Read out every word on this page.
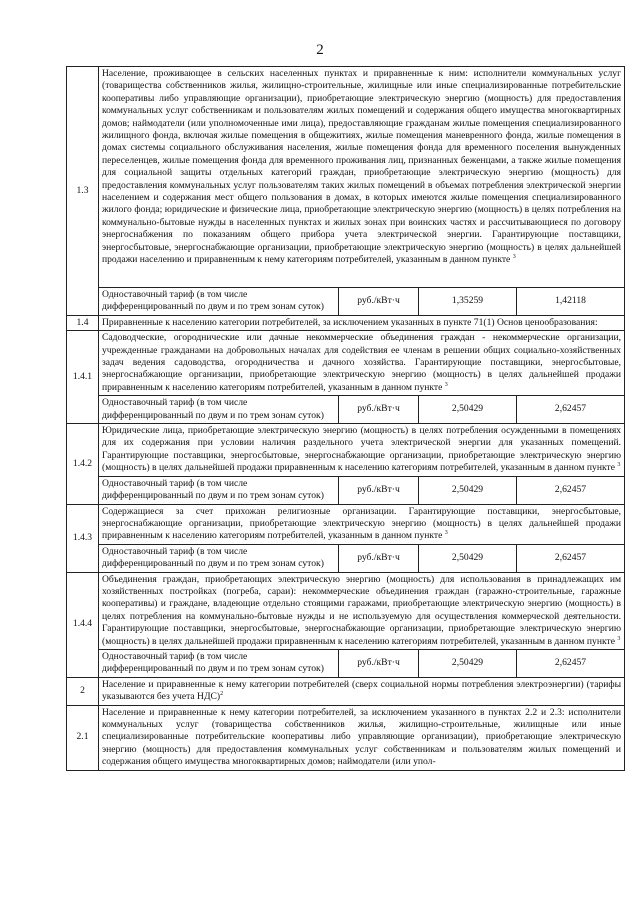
2
1.3	Население, проживающее в сельских населенных пунктах и приравненные к ним: исполнители коммунальных услуг (товарищества собственников жилья, жилищно-строительные, жилищные или иные специализированные потребительские кооперативы либо управляющие организации), приобретающие электрическую энергию (мощность) для предоставления коммунальных услуг собственникам и пользователям жилых помещений и содержания общего имущества многоквартирных домов; наймодатели (или уполномоченные ими лица), предоставляющие гражданам жилые помещения специализированного жилищного фонда, включая жилые помещения в общежитиях, жилые помещения маневренного фонда, жилые помещения в домах системы социального обслуживания населения, жилые помещения фонда для временного поселения вынужденных переселенцев, жилые помещения фонда для временного проживания лиц, признанных беженцами, а также жилые помещения для социальной защиты отдельных категорий граждан, приобретающие электрическую энергию (мощность) для предоставления коммунальных услуг пользователям таких жилых помещений в объемах потребления электрической энергии населением и содержания мест общего пользования в домах, в которых имеются жилые помещения специализированного жилого фонда; юридические и физические лица, приобретающие электрическую энергию (мощность) в целях потребления на коммунально-бытовые нужды в населенных пунктах и жилых зонах при воинских частях и рассчитывающиеся по договору энергоснабжения по показаниям общего прибора учета электрической энергии. Гарантирующие поставщики, энергосбытовые, энергоснабжающие организации, приобретающие электрическую энергию (мощность) в целях дальнейшей продажи населению и приравненным к нему категориям потребителей, указанным в данном пункте $^3$
	Одноставочный тариф (в том числе дифференцированный по двум и по трем зонам суток)	руб./кВт·ч	1,35259	1,42118
1.4	Приравненные к населению категории потребителей, за исключением указанных в пункте 71(1) Основ ценообразования:			
1.4.1	Садоводческие, огороднические или дачные некоммерческие объединения граждан - некоммерческие организации, учрежденные гражданами на добровольных началах для содействия ее членам в решении общих социально-хозяйственных задач ведения садоводства, огородничества и дачного хозяйства. Гарантирующие поставщики, энергосбытовые, энергоснабжающие организации, приобретающие электрическую энергию (мощность) в целях дальнейшей продажи приравненным к населению категориям потребителей, указанным в данном пункте $^3$
	Одноставочный тариф (в том числе дифференцированный по двум и по трем зонам суток)	руб./кВт·ч	2,50429	2,62457
1.4.2	Юридические лица, приобретающие электрическую энергию (мощность) в целях потребления осужденными в помещениях для их содержания при условии наличия раздельного учета электрической энергии для указанных помещений. Гарантирующие поставщики, энергосбытовые, энергоснабжающие организации, приобретающие электрическую энергию (мощность) в целях дальнейшей продажи приравненным к населению категориям потребителей, указанным в данном пункте $^3$
	Одноставочный тариф (в том числе дифференцированный по двум и по трем зонам суток)	руб./кВт·ч	2,50429	2,62457
1.4.3	Содержащиеся за счет прихожан религиозные организации. Гарантирующие поставщики, энергосбытовые, энергоснабжающие организации, приобретающие электрическую энергию (мощность) в целях дальнейшей продажи приравненным к населению категориям потребителей, указанным в данном пункте $^3$
	Одноставочный тариф (в том числе дифференцированный по двум и по трем зонам суток)	руб./кВт·ч	2,50429	2,62457
1.4.4	Объединения граждан, приобретающих электрическую энергию (мощность) для использования в принадлежащих им хозяйственных постройках (погреба, сараи): некоммерческие объединения граждан (гаражно-строительные, гаражные кооперативы) и граждане, владеющие отдельно стоящими гаражами, приобретающие электрическую энергию (мощность) в целях потребления на коммунально-бытовые нужды и не используемую для осуществления коммерческой деятельности. Гарантирующие поставщики, энергосбытовые, энергоснабжающие организации, приобретающие электрическую энергию (мощность) в целях дальнейшей продажи приравненным к населению категориям потребителей, указанным в данном пункте $^3$
	Одноставочный тариф (в том числе дифференцированный по двум и по трем зонам суток)	руб./кВт·ч	2,50429	2,62457
2	Население и приравненные к нему категории потребителей (сверх социальной нормы потребления электроэнергии) (тарифы указываются без учета НДС)$^2$
2.1	Население и приравненные к нему категории потребителей, за исключением указанного в пунктах 2.2 и 2.3: исполнители коммунальных услуг (товарищества собственников жилья, жилищно-строительные, жилищные или иные специализированные потребительские кооперативы либо управляющие организации), приобретающие электрическую энергию (мощность) для предоставления коммунальных услуг собственникам и пользователям жилых помещений и содержания общего имущества многоквартирных домов; наймодатели (или упол-			
